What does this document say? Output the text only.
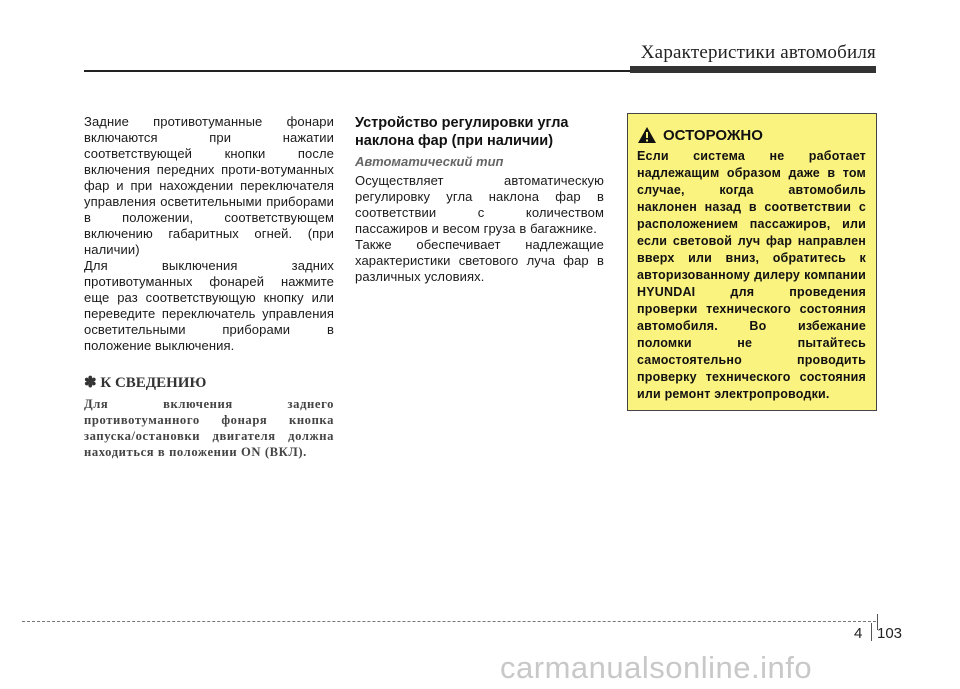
Характеристики автомобиля

Задние противотуманные фонари включаются при нажатии соответствующей кнопки после включения передних проти-вотуманных фар и при нахождении переключателя управления осветительными приборами в положении, соответствующем включению габаритных огней. (при наличии)

Для выключения задних противотуманных фонарей нажмите еще раз соответствующую кнопку или переведите переключатель управления осветительными приборами в положение выключения.

✽ К СВЕДЕНИЮ

Для включения заднего противотуманного фонаря кнопка запуска/остановки двигателя должна находиться в положении ON (ВКЛ).

Устройство регулировки угла наклона фар (при наличии)
Автоматический тип

Осуществляет автоматическую регулировку угла наклона фар в соответствии с количеством пассажиров и весом груза в багажнике.

Также обеспечивает надлежащие характеристики светового луча фар в различных условиях.

ОСТОРОЖНО

Если система не работает надлежащим образом даже в том случае, когда автомобиль наклонен назад в соответствии с расположением пассажиров, или если световой луч фар направлен вверх или вниз, обратитесь к авторизованному дилеру компании HYUNDAI для проведения проверки технического состояния автомобиля. Во избежание поломки не пытайтесь самостоятельно проводить проверку технического состояния или ремонт электропроводки.

4 103
carmanualsonline.info
